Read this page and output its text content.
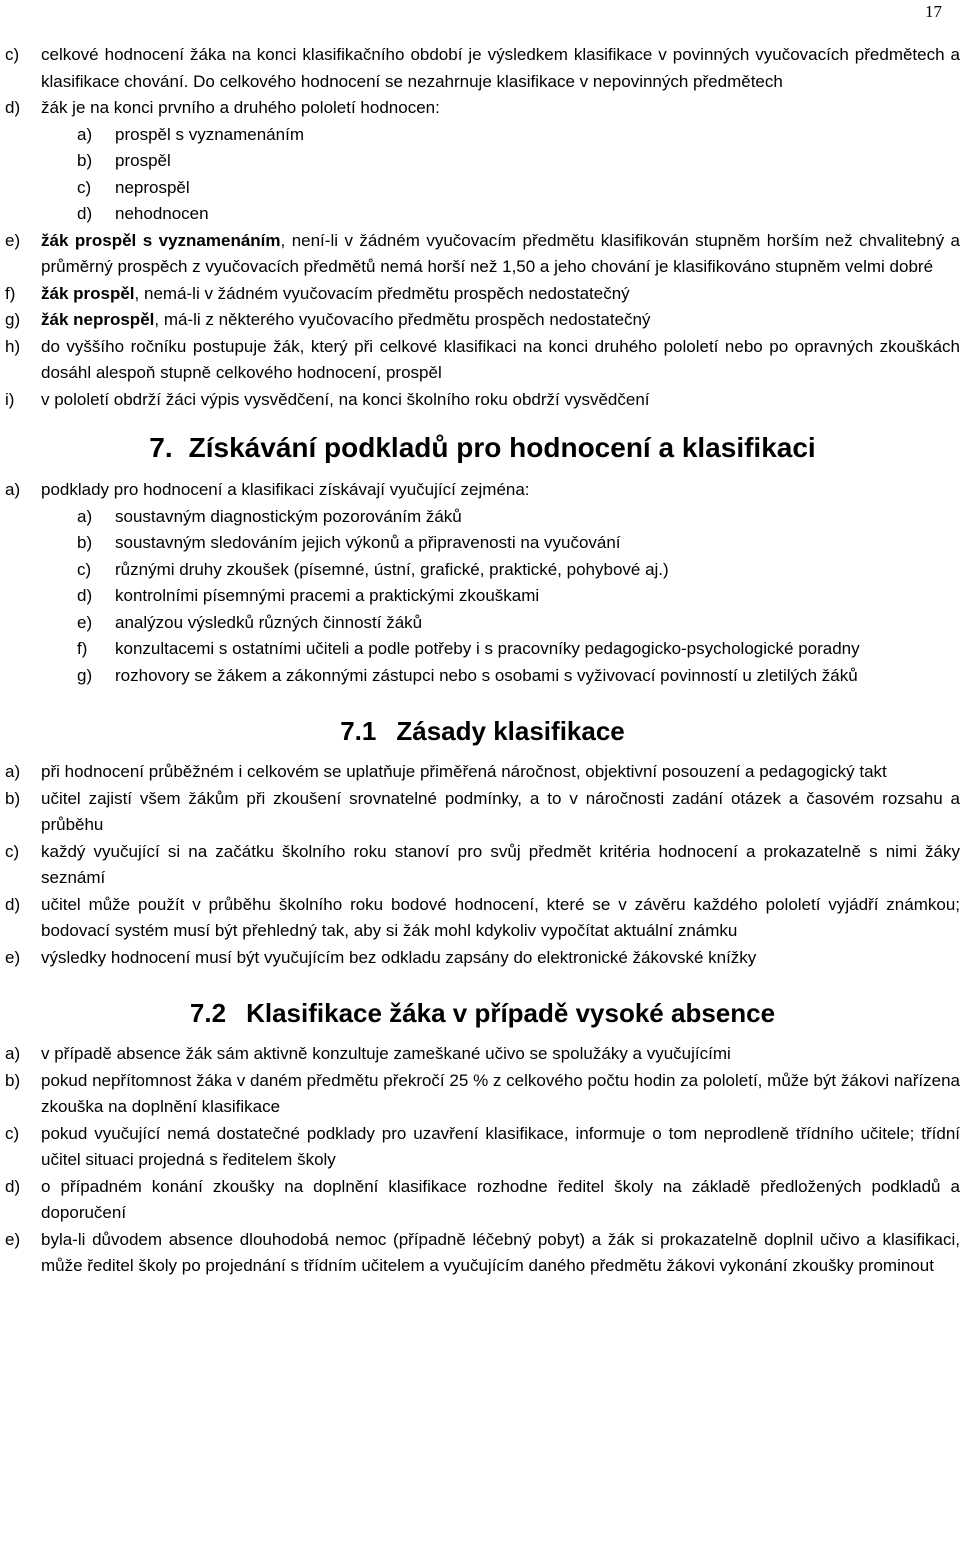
17
c)	celkové hodnocení žáka na konci klasifikačního období je výsledkem klasifikace v povinných vyučovacích předmětech a klasifikace chování. Do celkového hodnocení se nezahrnuje klasifikace v nepovinných předmětech
d)	žák je na konci prvního a druhého pololetí hodnocen:
a)	prospěl s vyznamenáním
b)	prospěl
c)	neprospěl
d)	nehodnocen
e)	žák prospěl s vyznamenáním, není-li v žádném vyučovacím předmětu klasifikován stupněm horším než chvalitebný a průměrný prospěch z vyučovacích předmětů nemá horší než 1,50 a jeho chování je klasifikováno stupněm velmi dobré
f)	žák prospěl, nemá-li v žádném vyučovacím předmětu prospěch nedostatečný
g)	žák neprospěl, má-li z některého vyučovacího předmětu prospěch nedostatečný
h)	do vyššího ročníku postupuje žák, který při celkové klasifikaci na konci druhého pololetí nebo po opravných zkouškách dosáhl alespoň stupně celkového hodnocení, prospěl
i)	v pololetí obdrží žáci výpis vysvědčení, na konci školního roku obdrží vysvědčení
7. Získávání podkladů pro hodnocení a klasifikaci
a)	podklady pro hodnocení a klasifikaci získávají vyučující zejména:
a)	soustavným diagnostickým pozorováním žáků
b)	soustavným sledováním jejich výkonů a připravenosti na vyučování
c)	různými druhy zkoušek (písemné, ústní, grafické, praktické, pohybové aj.)
d)	kontrolními písemnými pracemi a praktickými zkouškami
e)	analýzou výsledků různých činností žáků
f)	konzultacemi s ostatními učiteli a podle potřeby i s pracovníky pedagogicko-psychologické poradny
g)	rozhovory se žákem a zákonnými zástupci nebo s osobami s vyživovací povinností u zletilých žáků
7.1 Zásady klasifikace
a)	při hodnocení průběžném i celkovém se uplatňuje přiměřená náročnost, objektivní posouzení a pedagogický takt
b)	učitel zajistí všem žákům při zkoušení srovnatelné podmínky, a to v náročnosti zadání otázek a časovém rozsahu a průběhu
c)	každý vyučující si na začátku školního roku stanoví pro svůj předmět kritéria hodnocení a prokazatelně s nimi žáky seznámí
d)	učitel může použít v průběhu školního roku bodové hodnocení, které se v závěru každého pololetí vyjádří známkou; bodovací systém musí být přehledný tak, aby si žák mohl kdykoliv vypočítat aktuální známku
e)	výsledky hodnocení musí být vyučujícím bez odkladu zapsány do elektronické žákovské knížky
7.2 Klasifikace žáka v případě vysoké absence
a)	v případě absence žák sám aktivně konzultuje zameškané učivo se spolužáky a vyučujícími
b)	pokud nepřítomnost žáka v daném předmětu překročí 25 % z celkového počtu hodin za pololetí, může být žákovi nařízena zkouška na doplnění klasifikace
c)	pokud vyučující nemá dostatečné podklady pro uzavření klasifikace, informuje o tom neprodleně třídního učitele; třídní učitel situaci projedná s ředitelem školy
d)	o případném konání zkoušky na doplnění klasifikace rozhodne ředitel školy na základě předložených podkladů a doporučení
e)	byla-li důvodem absence dlouhodobá nemoc (případně léčebný pobyt) a žák si prokazatelně doplnil učivo a klasifikaci, může ředitel školy po projednání s třídním učitelem a vyučujícím daného předmětu žákovi vykonání zkoušky prominout
